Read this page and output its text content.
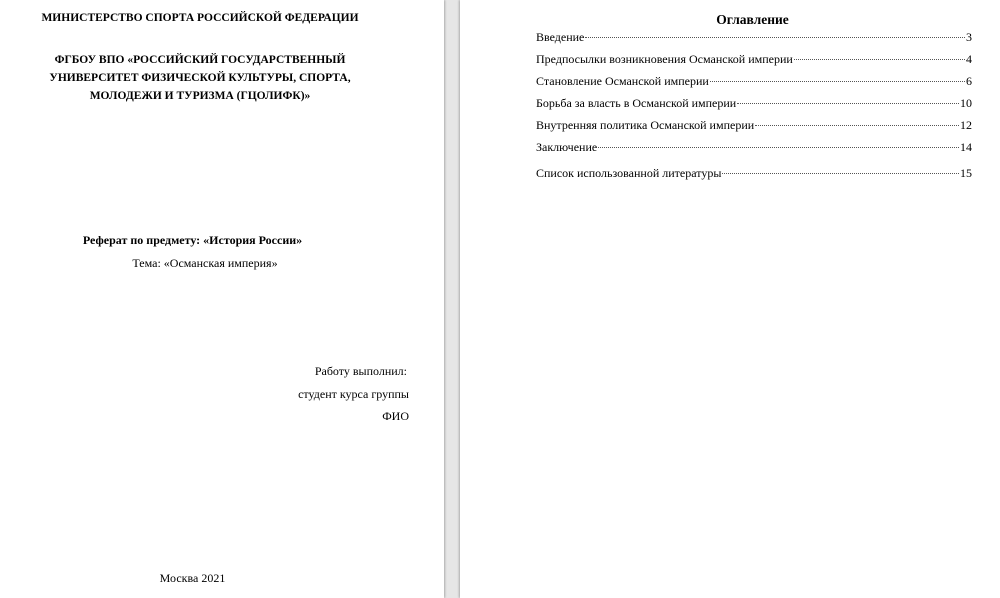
МИНИСТЕРСТВО СПОРТА РОССИЙСКОЙ ФЕДЕРАЦИИ
ФГБОУ ВПО «РОССИЙСКИЙ ГОСУДАРСТВЕННЫЙ
УНИВЕРСИТЕТ ФИЗИЧЕСКОЙ КУЛЬТУРЫ, СПОРТА,
МОЛОДЕЖИ И ТУРИЗМА (ГЦОЛИФК)»
Реферат по предмету: «История России»
Тема: «Османская империя»
Работу выполнил:
студент курса группы
ФИО
Москва 2021
Оглавление
Введение	3
Предпосылки возникновения Османской империи	4
Становление Османской империи	6
Борьба за власть в Османской империи	10
Внутренняя политика Османской империи	12
Заключение	14
Список использованной литературы	15
